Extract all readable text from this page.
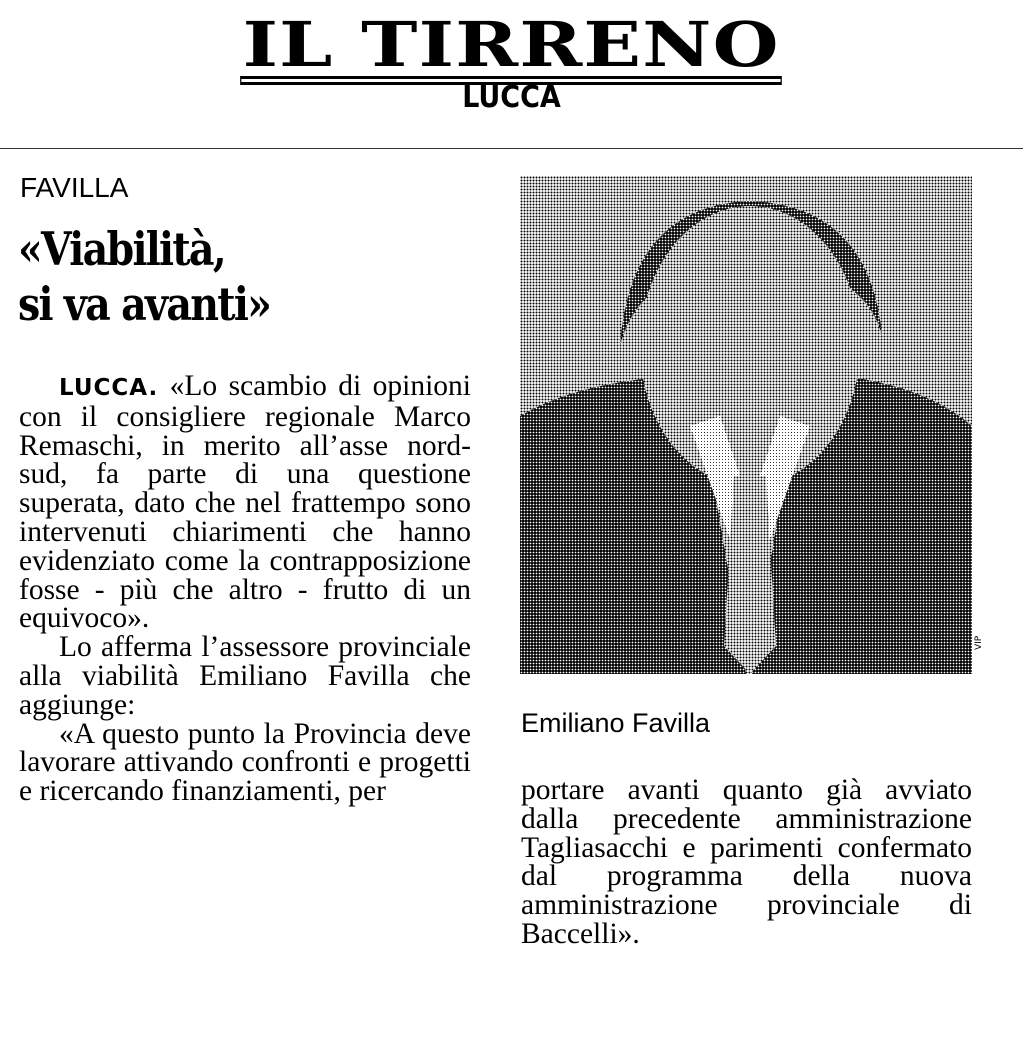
IL TIRRENO
LUCCA
FAVILLA
«Viabilità,
si va avanti»

LUCCA. «Lo scambio di opinioni con il consigliere regionale Marco Remaschi, in merito all’asse nord-sud, fa parte di una questione superata, dato che nel frattempo sono intervenuti chiarimenti che hanno evidenziato come la contrapposizione fosse - più che altro - frutto di un equivoco».

Lo afferma l’assessore provinciale alla viabilità Emiliano Favilla che aggiunge:

«A questo punto la Provincia deve lavorare attivando confronti e progetti e ricercando finanziamenti, per

VIP
Emiliano Favilla

portare avanti quanto già avviato dalla precedente amministrazione Tagliasacchi e parimenti confermato dal programma della nuova amministrazione provinciale di Baccelli».
